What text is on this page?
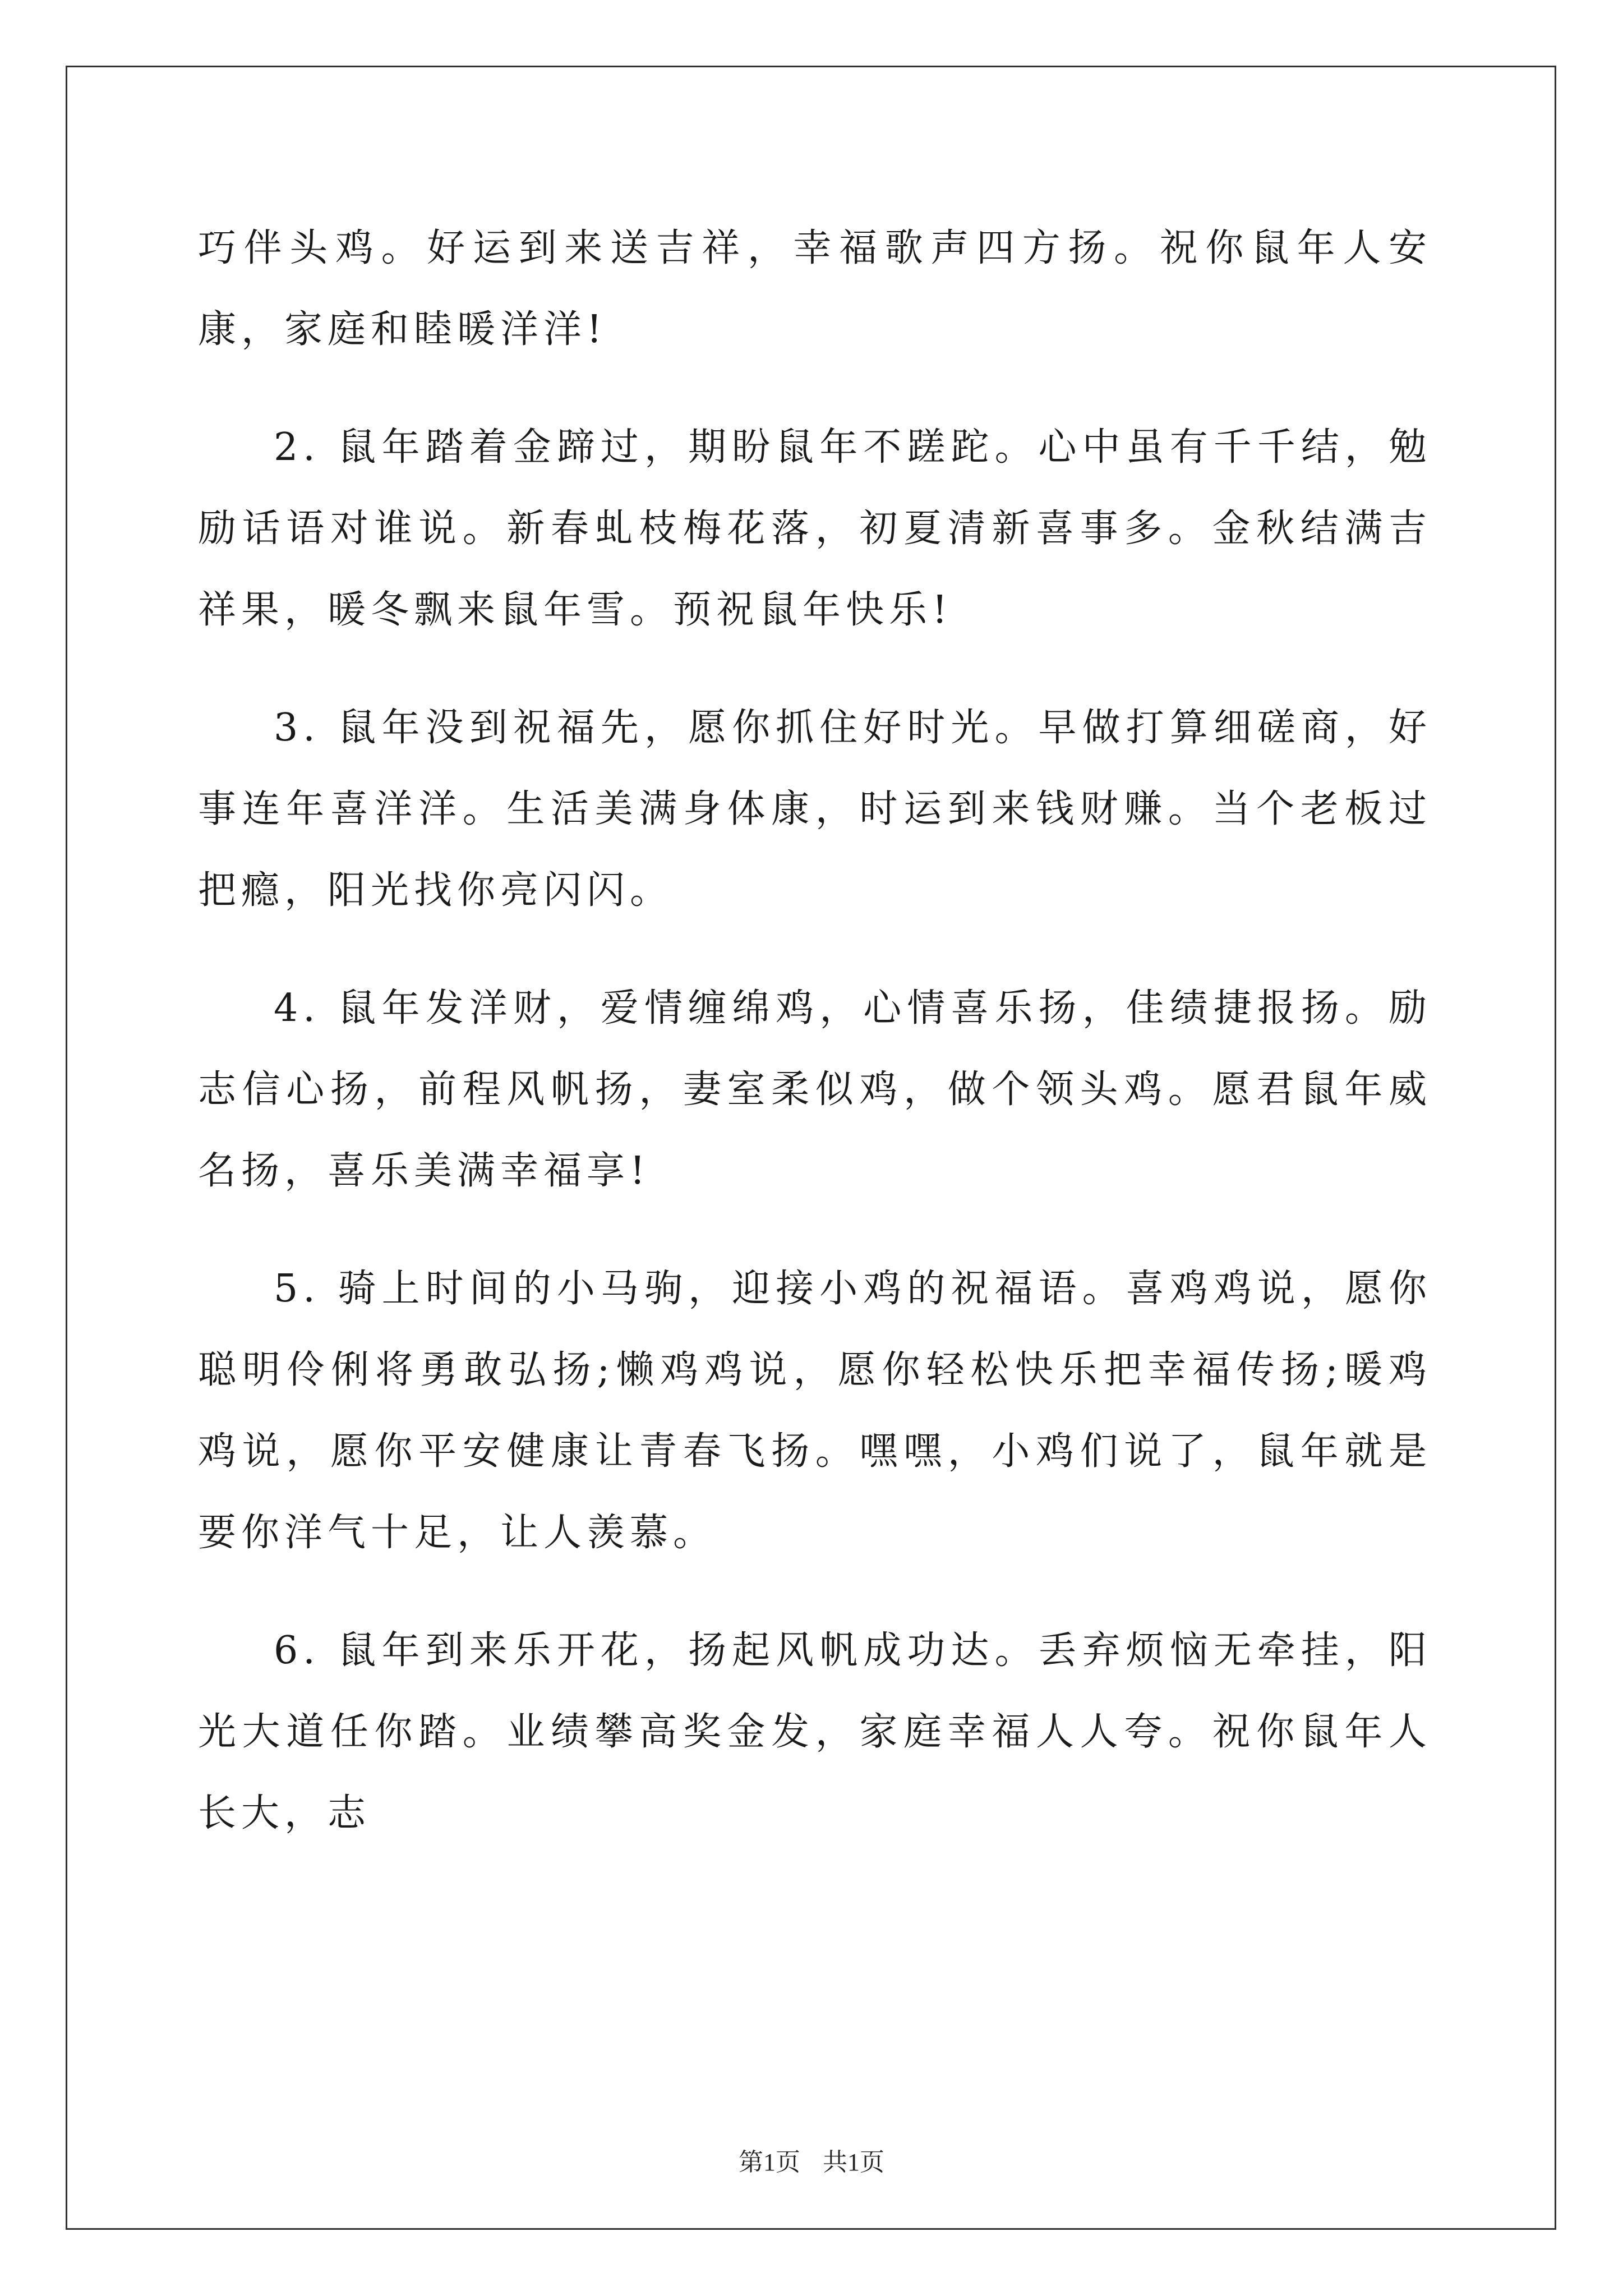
巧伴头鸡。好运到来送吉祥，幸福歌声四方扬。祝你鼠年人安康，家庭和睦暖洋洋!

2. 鼠年踏着金蹄过，期盼鼠年不蹉跎。心中虽有千千结，勉励话语对谁说。新春虬枝梅花落，初夏清新喜事多。金秋结满吉祥果，暖冬飘来鼠年雪。预祝鼠年快乐!

3. 鼠年没到祝福先，愿你抓住好时光。早做打算细磋商，好事连年喜洋洋。生活美满身体康，时运到来钱财赚。当个老板过把瘾，阳光找你亮闪闪。

4. 鼠年发洋财，爱情缠绵鸡，心情喜乐扬，佳绩捷报扬。励志信心扬，前程风帆扬，妻室柔似鸡，做个领头鸡。愿君鼠年威名扬，喜乐美满幸福享!

5. 骑上时间的小马驹，迎接小鸡的祝福语。喜鸡鸡说，愿你聪明伶俐将勇敢弘扬;懒鸡鸡说，愿你轻松快乐把幸福传扬;暖鸡鸡说，愿你平安健康让青春飞扬。嘿嘿，小鸡们说了，鼠年就是要你洋气十足，让人羡慕。

6. 鼠年到来乐开花，扬起风帆成功达。丢弃烦恼无牵挂，阳光大道任你踏。业绩攀高奖金发，家庭幸福人人夸。祝你鼠年人长大，志

第1页 共1页
